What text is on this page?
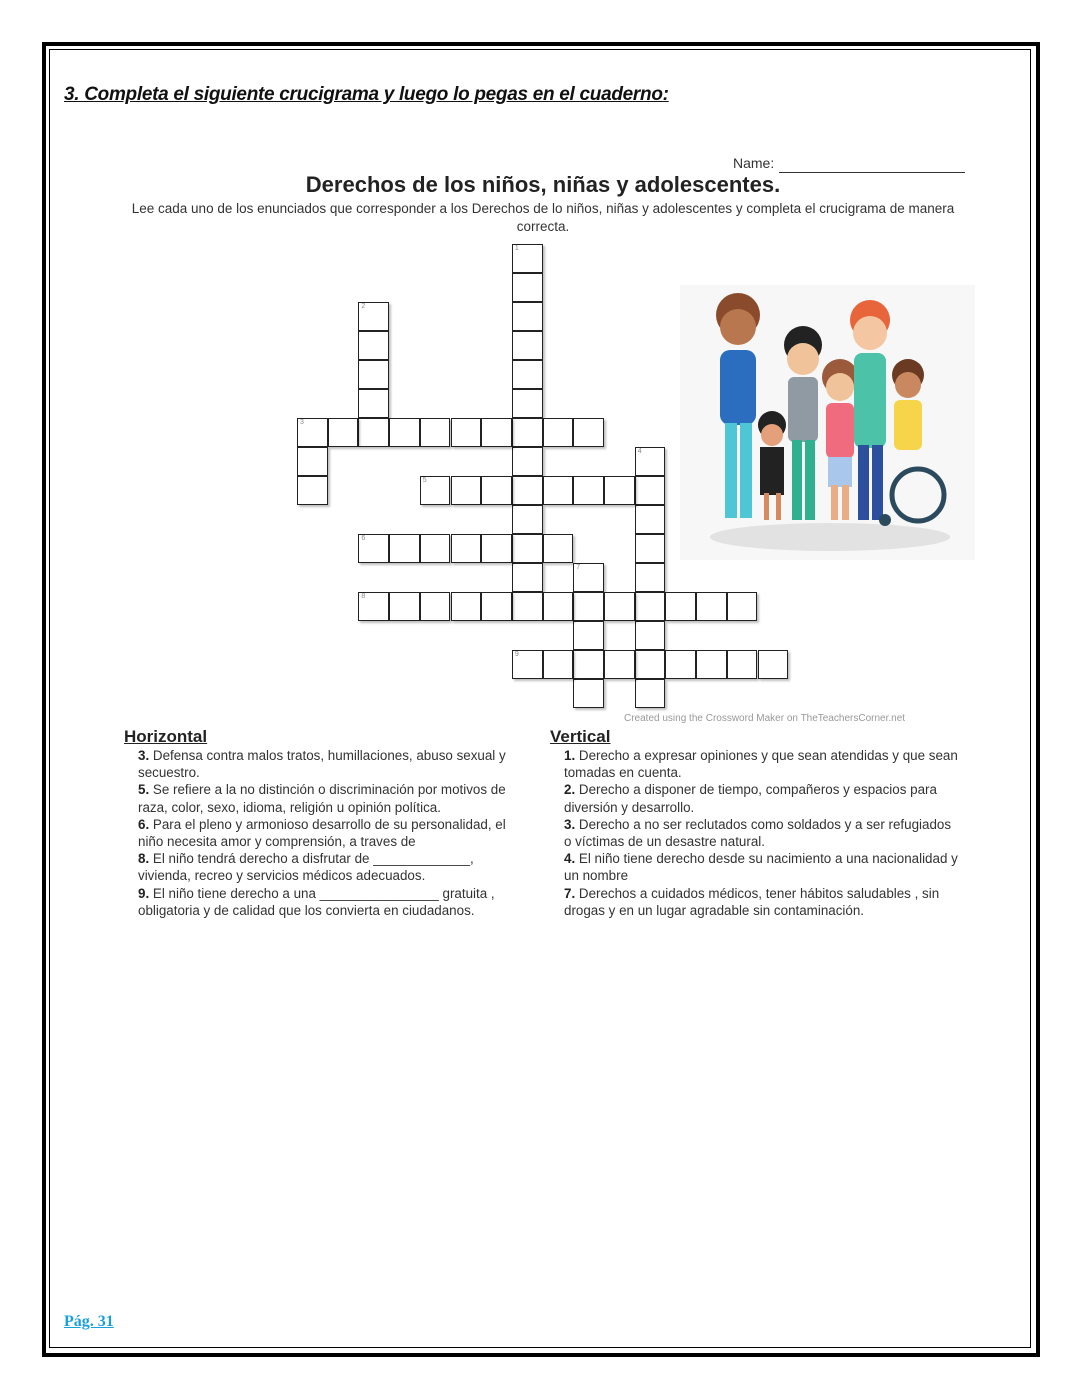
3. Completa el siguiente crucigrama y luego lo pegas en el cuaderno:
Name:
Derechos de los niños, niñas y adolescentes.
Lee cada uno de los enunciados que corresponder a los Derechos de lo niños, niñas y adolescentes y completa el crucigrama de manera correcta.
1
2
3
4
5
6
7
8
9
Created using the Crossword Maker on TheTeachersCorner.net
Horizontal
3. Defensa contra malos tratos, humillaciones, abuso sexual y secuestro.
5. Se refiere a la no distinción o discriminación por motivos de raza, color, sexo, idioma, religión u opinión política.
6. Para el pleno y armonioso desarrollo de su personalidad, el niño necesita amor y comprensión, a traves de
8. El niño tendrá derecho a disfrutar de _____________, vivienda, recreo y servicios médicos adecuados.
9. El niño tiene derecho a una ________________ gratuita , obligatoria y de calidad que los convierta en ciudadanos.
Vertical
1. Derecho a expresar opiniones y que sean atendidas y que sean tomadas en cuenta.
2. Derecho a disponer de tiempo, compañeros y espacios para diversión y desarrollo.
3. Derecho a no ser reclutados como soldados y a ser refugiados o víctimas de un desastre natural.
4. El niño tiene derecho desde su nacimiento a una nacionalidad y un nombre
7. Derechos a cuidados médicos, tener hábitos saludables , sin drogas y en un lugar agradable sin contaminación.
Pág. 31
